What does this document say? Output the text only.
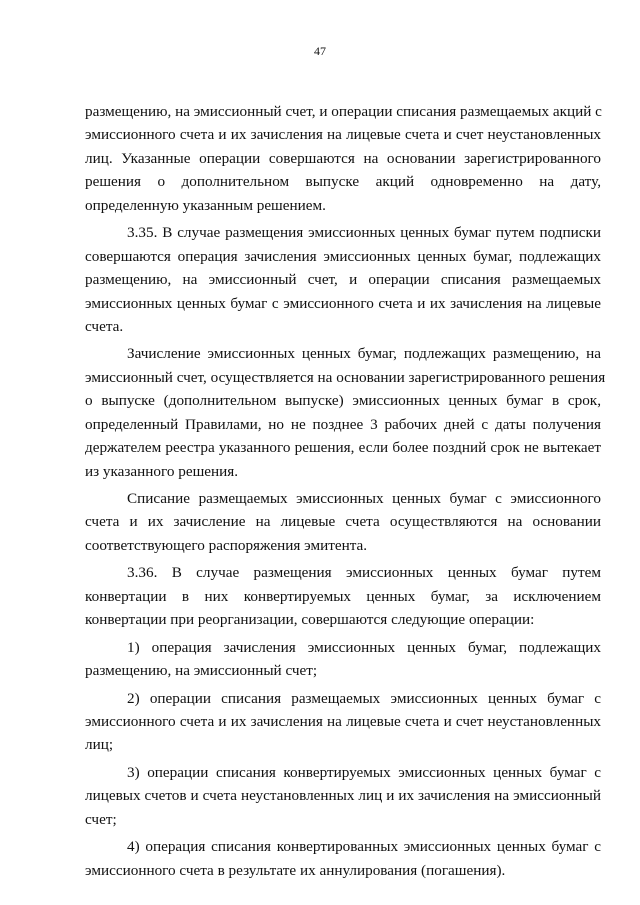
47
размещению, на эмиссионный счет, и операции списания размещаемых акций с
эмиссионного счета и их зачисления на лицевые счета и счет неустановленных
лиц. Указанные операции совершаются на основании зарегистрированного
решения о дополнительном выпуске акций одновременно на дату,
определенную указанным решением.
3.35. В случае размещения эмиссионных ценных бумаг путем подписки
совершаются операция зачисления эмиссионных ценных бумаг, подлежащих
размещению, на эмиссионный счет, и операции списания размещаемых
эмиссионных ценных бумаг с эмиссионного счета и их зачисления на лицевые
счета.
Зачисление эмиссионных ценных бумаг, подлежащих размещению, на
эмиссионный счет, осуществляется на основании зарегистрированного решения
о выпуске (дополнительном выпуске) эмиссионных ценных бумаг в срок,
определенный Правилами, но не позднее 3 рабочих дней с даты получения
держателем реестра указанного решения, если более поздний срок не вытекает
из указанного решения.
Списание размещаемых эмиссионных ценных бумаг с эмиссионного
счета и их зачисление на лицевые счета осуществляются на основании
соответствующего распоряжения эмитента.
3.36. В случае размещения эмиссионных ценных бумаг путем
конвертации в них конвертируемых ценных бумаг, за исключением
конвертации при реорганизации, совершаются следующие операции:
1) операция зачисления эмиссионных ценных бумаг, подлежащих
размещению, на эмиссионный счет;
2) операции списания размещаемых эмиссионных ценных бумаг с
эмиссионного счета и их зачисления на лицевые счета и счет неустановленных
лиц;
3) операции списания конвертируемых эмиссионных ценных бумаг с
лицевых счетов и счета неустановленных лиц и их зачисления на эмиссионный
счет;
4) операция списания конвертированных эмиссионных ценных бумаг с
эмиссионного счета в результате их аннулирования (погашения).
